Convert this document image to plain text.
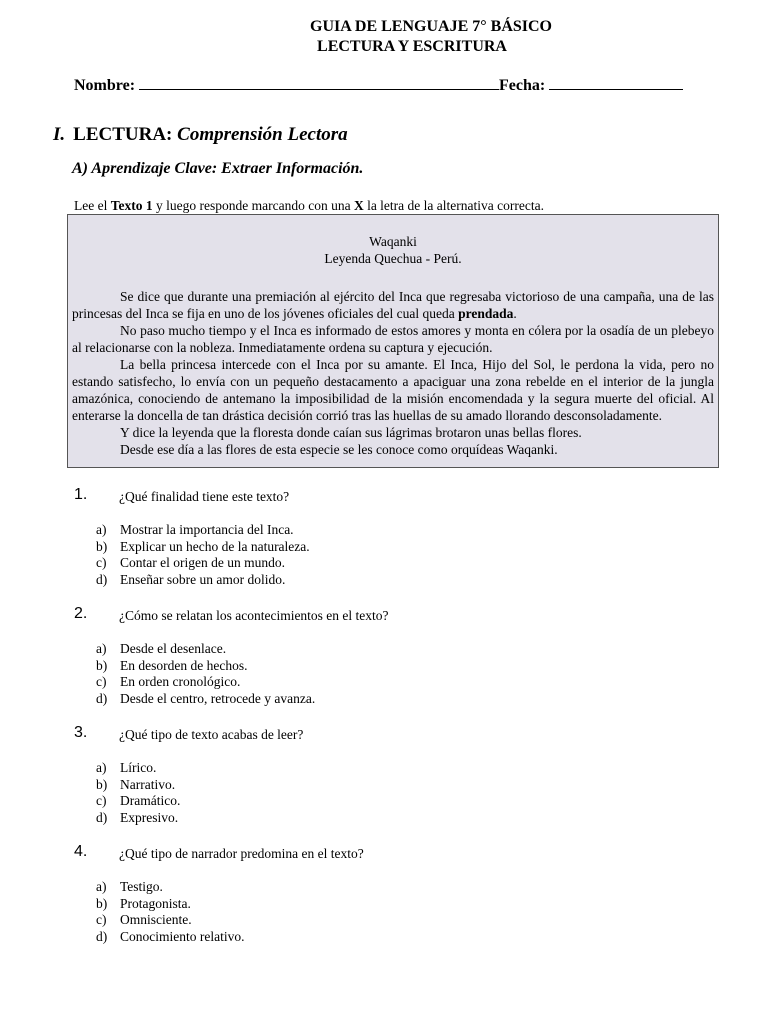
GUIA DE LENGUAJE 7° BÁSICO
LECTURA Y ESCRITURA
Nombre:	Fecha:
I. LECTURA: Comprensión Lectora
A) Aprendizaje Clave: Extraer Información.
Lee el Texto 1 y luego responde marcando con una X la letra de la alternativa correcta.
Waqanki
Leyenda Quechua - Perú.

Se dice que durante una premiación al ejército del Inca que regresaba victorioso de una campaña, una de las princesas del Inca se fija en uno de los jóvenes oficiales del cual queda prendada.

No paso mucho tiempo y el Inca es informado de estos amores y monta en cólera por la osadía de un plebeyo al relacionarse con la nobleza. Inmediatamente ordena su captura y ejecución.

La bella princesa intercede con el Inca por su amante. El Inca, Hijo del Sol, le perdona la vida, pero no estando satisfecho, lo envía con un pequeño destacamento a apaciguar una zona rebelde en el interior de la jungla amazónica, conociendo de antemano la imposibilidad de la misión encomendada y la segura muerte del oficial. Al enterarse la doncella de tan drástica decisión corrió tras las huellas de su amado llorando desconsoladamente.

Y dice la leyenda que la floresta donde caían sus lágrimas brotaron unas bellas flores.

Desde ese día a las flores de esta especie se les conoce como orquídeas Waqanki.

1. ¿Qué finalidad tiene este texto?
a) Mostrar la importancia del Inca.
b) Explicar un hecho de la naturaleza.
c) Contar el origen de un mundo.
d) Enseñar sobre un amor dolido.
2. ¿Cómo se relatan los acontecimientos en el texto?
a) Desde el desenlace.
b) En desorden de hechos.
c) En orden cronológico.
d) Desde el centro, retrocede y avanza.
3. ¿Qué tipo de texto acabas de leer?
a) Lírico.
b) Narrativo.
c) Dramático.
d) Expresivo.
4. ¿Qué tipo de narrador predomina en el texto?
a) Testigo.
b) Protagonista.
c) Omnisciente.
d) Conocimiento relativo.
